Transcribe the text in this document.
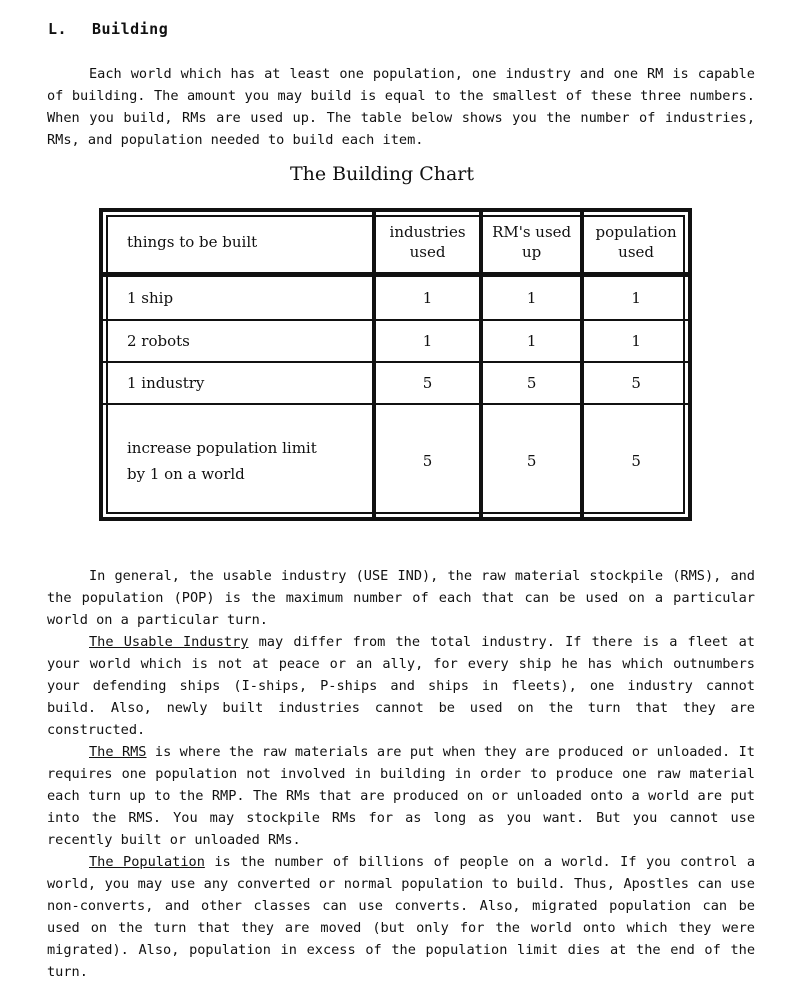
L. Building

Each world which has at least one population, one industry and one RM is capable of building. The amount you may build is equal to the smallest of these three numbers. When you build, RMs are used up. The table below shows you the number of industries, RMs, and population needed to build each item.

The Building Chart
things to be built	industries used	RM's used up	population used
1 ship	1	1	1
2 robots	1	1	1
1 industry	5	5	5
increase population limit by 1 on a world	5	5	5
In general, the usable industry (USE IND), the raw material stockpile (RMS), and the population (POP) is the maximum number of each that can be used on a particular world on a particular turn.
The Usable Industry may differ from the total industry. If there is a fleet at your world which is not at peace or an ally, for every ship he has which outnumbers your defending ships (I-ships, P-ships and ships in fleets), one industry cannot build. Also, newly built industries cannot be used on the turn that they are constructed.
The RMS is where the raw materials are put when they are produced or unloaded. It requires one population not involved in building in order to produce one raw material each turn up to the RMP. The RMs that are produced on or unloaded onto a world are put into the RMS. You may stockpile RMs for as long as you want. But you cannot use recently built or unloaded RMs.
The Population is the number of billions of people on a world. If you control a world, you may use any converted or normal population to build. Thus, Apostles can use non-converts, and other classes can use converts. Also, migrated population can be used on the turn that they are moved (but only for the world onto which they were migrated). Also, population in excess of the population limit dies at the end of the turn.
